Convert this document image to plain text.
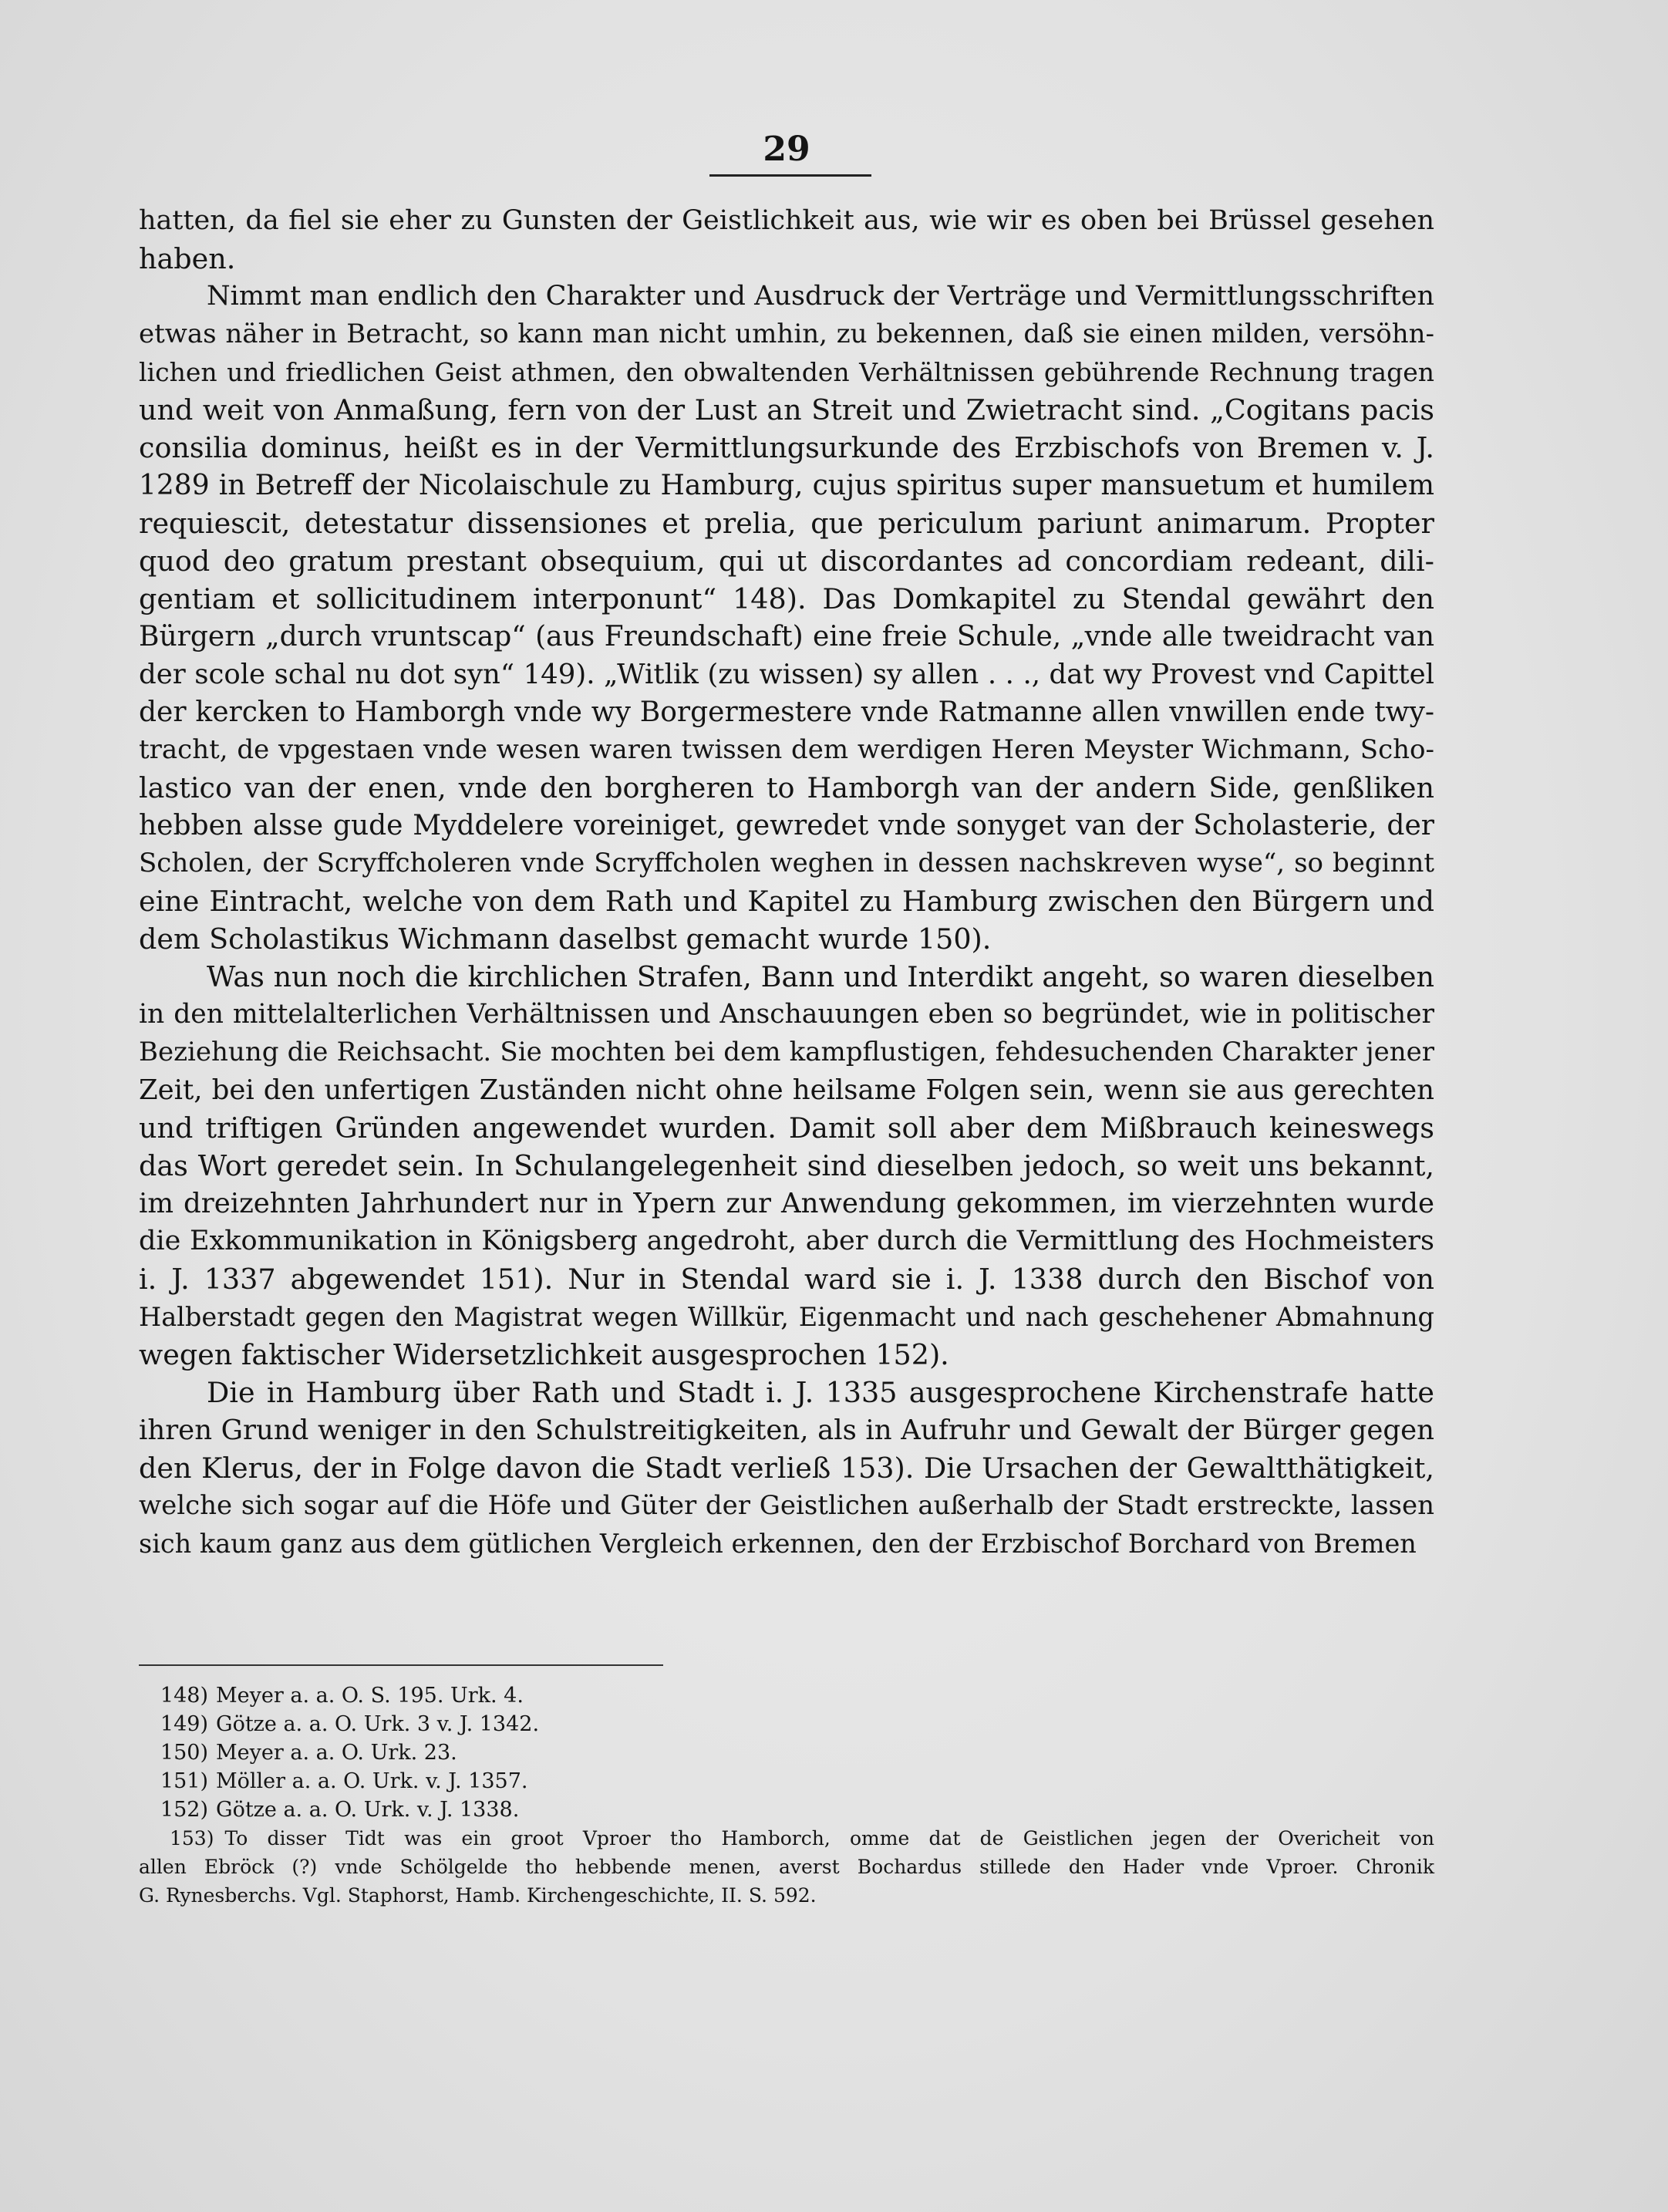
29
hatten, da fiel sie eher zu Gunsten der Geistlichkeit aus, wie wir es oben bei Brüssel gesehen
haben.
Nimmt man endlich den Charakter und Ausdruck der Verträge und Vermittlungsschriften
etwas näher in Betracht, so kann man nicht umhin, zu bekennen, daß sie einen milden, versöhn-
lichen und friedlichen Geist athmen, den obwaltenden Verhältnissen gebührende Rechnung tragen
und weit von Anmaßung, fern von der Lust an Streit und Zwietracht sind. „Cogitans pacis
consilia dominus, heißt es in der Vermittlungsurkunde des Erzbischofs von Bremen v. J.
1289 in Betreff der Nicolaischule zu Hamburg, cujus spiritus super mansuetum et humilem
requiescit, detestatur dissensiones et prelia, que periculum pariunt animarum. Propter
quod deo gratum prestant obsequium, qui ut discordantes ad concordiam redeant, dili-
gentiam et sollicitudinem interponunt“ 148). Das Domkapitel zu Stendal gewährt den
Bürgern „durch vruntscap“ (aus Freundschaft) eine freie Schule, „vnde alle tweidracht van
der scole schal nu dot syn“ 149). „Witlik (zu wissen) sy allen . . ., dat wy Provest vnd Capittel
der kercken to Hamborgh vnde wy Borgermestere vnde Ratmanne allen vnwillen ende twy-
tracht, de vpgestaen vnde wesen waren twissen dem werdigen Heren Meyster Wichmann, Scho-
lastico van der enen, vnde den borgheren to Hamborgh van der andern Side, genßliken
hebben alsse gude Myddelere voreiniget, gewredet vnde sonyget van der Scholasterie, der
Scholen, der Scryffcholeren vnde Scryffcholen weghen in dessen nachskreven wyse“, so beginnt
eine Eintracht, welche von dem Rath und Kapitel zu Hamburg zwischen den Bürgern und
dem Scholastikus Wichmann daselbst gemacht wurde 150).
Was nun noch die kirchlichen Strafen, Bann und Interdikt angeht, so waren dieselben
in den mittelalterlichen Verhältnissen und Anschauungen eben so begründet, wie in politischer
Beziehung die Reichsacht. Sie mochten bei dem kampflustigen, fehdesuchenden Charakter jener
Zeit, bei den unfertigen Zuständen nicht ohne heilsame Folgen sein, wenn sie aus gerechten
und triftigen Gründen angewendet wurden. Damit soll aber dem Mißbrauch keineswegs
das Wort geredet sein. In Schulangelegenheit sind dieselben jedoch, so weit uns bekannt,
im dreizehnten Jahrhundert nur in Ypern zur Anwendung gekommen, im vierzehnten wurde
die Exkommunikation in Königsberg angedroht, aber durch die Vermittlung des Hochmeisters
i. J. 1337 abgewendet 151). Nur in Stendal ward sie i. J. 1338 durch den Bischof von
Halberstadt gegen den Magistrat wegen Willkür, Eigenmacht und nach geschehener Abmahnung
wegen faktischer Widersetzlichkeit ausgesprochen 152).
Die in Hamburg über Rath und Stadt i. J. 1335 ausgesprochene Kirchenstrafe hatte
ihren Grund weniger in den Schulstreitigkeiten, als in Aufruhr und Gewalt der Bürger gegen
den Klerus, der in Folge davon die Stadt verließ 153). Die Ursachen der Gewaltthätigkeit,
welche sich sogar auf die Höfe und Güter der Geistlichen außerhalb der Stadt erstreckte, lassen
sich kaum ganz aus dem gütlichen Vergleich erkennen, den der Erzbischof Borchard von Bremen
148) Meyer a. a. O. S. 195. Urk. 4.
149) Götze a. a. O. Urk. 3 v. J. 1342.
150) Meyer a. a. O. Urk. 23.
151) Möller a. a. O. Urk. v. J. 1357.
152) Götze a. a. O. Urk. v. J. 1338.
153) To disser Tidt was ein groot Vproer tho Hamborch, omme dat de Geistlichen jegen der Overicheit von
allen Ebröck (?) vnde Schölgelde tho hebbende menen, averst Bochardus stillede den Hader vnde Vproer. Chronik
G. Rynesberchs. Vgl. Staphorst, Hamb. Kirchengeschichte, II. S. 592.
